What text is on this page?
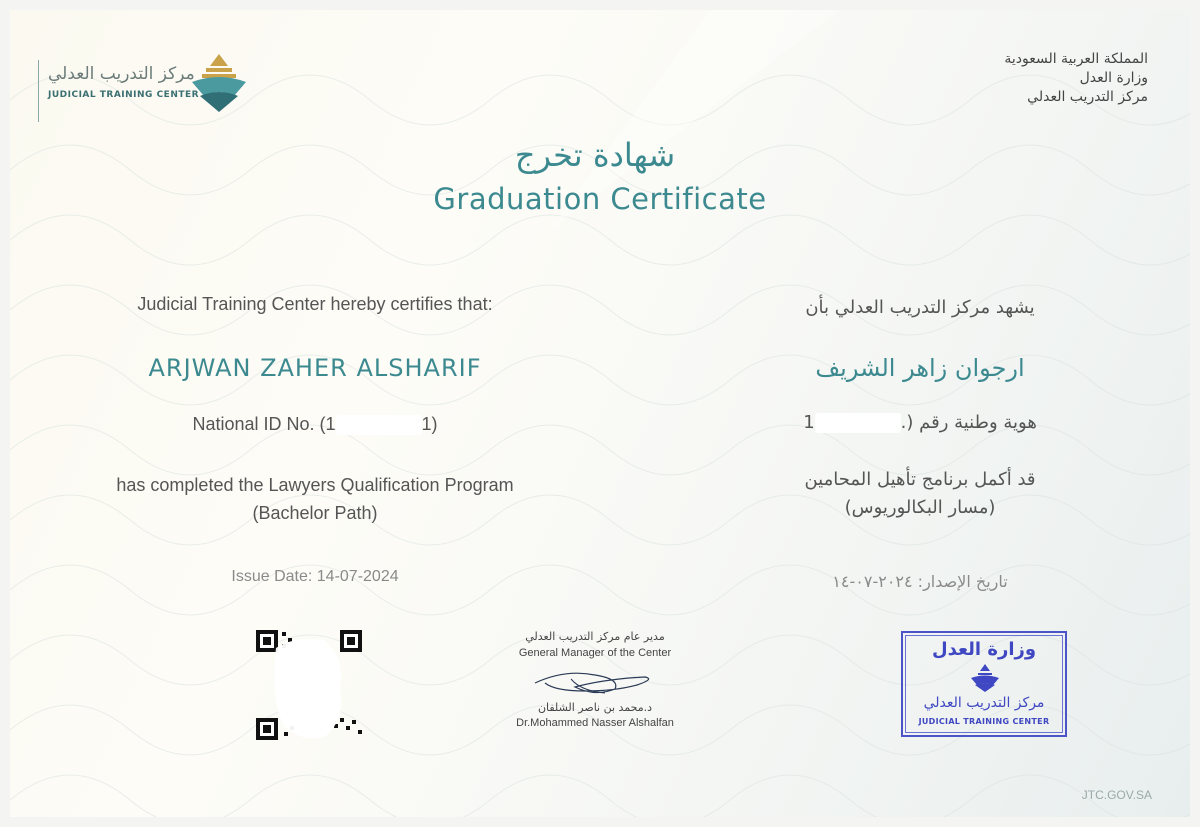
مركز التدريب العدلي
JUDICIAL TRAINING CENTER
المملكة العربية السعودية
وزارة العدل
مركز التدريب العدلي
شهادة تخرج
Graduation Certificate
Judicial Training Center hereby certifies that:
ARJWAN ZAHER ALSHARIF
National ID No. (1	1)
has completed the Lawyers Qualification Program
(Bachelor Path)
Issue Date: 14-07-2024
يشهد مركز التدريب العدلي بأن
ارجوان زاهر الشريف
هوية وطنية رقم (.1
قد أكمل برنامج تأهيل المحامين
(مسار البكالوريوس)
تاريخ الإصدار: ٢٠٢٤-٠٧-١٤
مدير عام مركز التدريب العدلي
General Manager of the Center
د.محمد بن ناصر الشلفان
Dr.Mohammed Nasser Alshalfan
وزارة العدل
مركز التدريب العدلي
JUDICIAL TRAINING CENTER
JTC.GOV.SA
